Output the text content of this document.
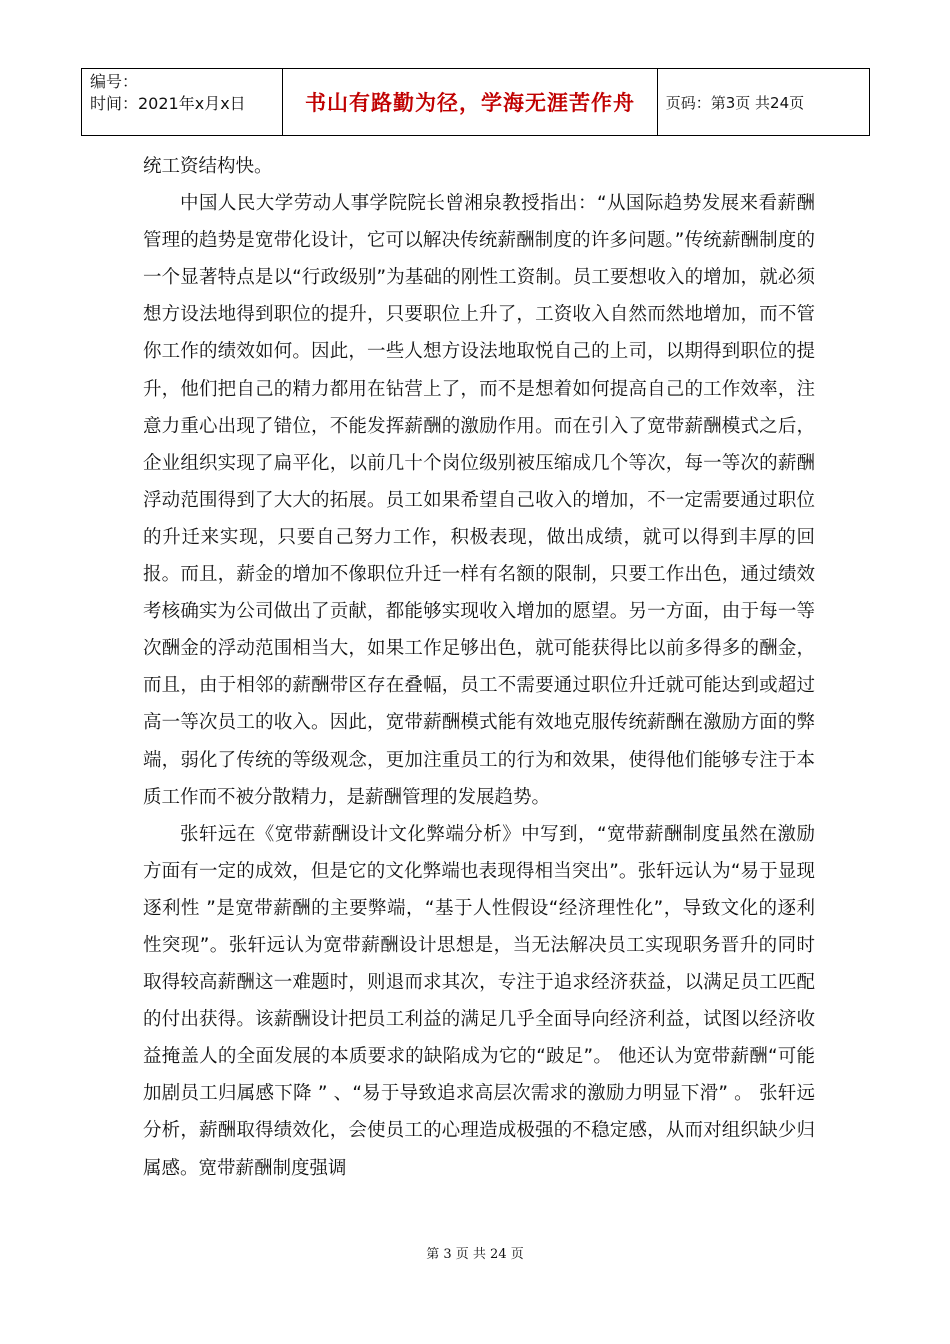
编号：
时间：2021年x月x日	书山有路勤为径，学海无涯苦作舟	页码：第3页 共24页

统工资结构快。

中国人民大学劳动人事学院院长曾湘泉教授指出：“从国际趋势发展来看薪酬管理的趋势是宽带化设计，它可以解决传统薪酬制度的许多问题。”传统薪酬制度的一个显著特点是以“行政级别”为基础的刚性工资制。员工要想收入的增加，就必须想方设法地得到职位的提升，只要职位上升了，工资收入自然而然地增加，而不管你工作的绩效如何。因此，一些人想方设法地取悦自己的上司，以期得到职位的提升，他们把自己的精力都用在钻营上了，而不是想着如何提高自己的工作效率，注意力重心出现了错位，不能发挥薪酬的激励作用。而在引入了宽带薪酬模式之后，企业组织实现了扁平化，以前几十个岗位级别被压缩成几个等次，每一等次的薪酬浮动范围得到了大大的拓展。员工如果希望自己收入的增加，不一定需要通过职位的升迁来实现，只要自己努力工作，积极表现，做出成绩，就可以得到丰厚的回报。而且，薪金的增加不像职位升迁一样有名额的限制，只要工作出色，通过绩效考核确实为公司做出了贡献，都能够实现收入增加的愿望。另一方面，由于每一等次酬金的浮动范围相当大，如果工作足够出色，就可能获得比以前多得多的酬金，而且，由于相邻的薪酬带区存在叠幅，员工不需要通过职位升迁就可能达到或超过高一等次员工的收入。因此，宽带薪酬模式能有效地克服传统薪酬在激励方面的弊端，弱化了传统的等级观念，更加注重员工的行为和效果，使得他们能够专注于本质工作而不被分散精力，是薪酬管理的发展趋势。

张轩远在《宽带薪酬设计文化弊端分析》中写到，“宽带薪酬制度虽然在激励方面有一定的成效，但是它的文化弊端也表现得相当突出”。张轩远认为“易于显现逐利性 ”是宽带薪酬的主要弊端，“基于人性假设“经济理性化”，导致文化的逐利性突现”。张轩远认为宽带薪酬设计思想是，当无法解决员工实现职务晋升的同时取得较高薪酬这一难题时，则退而求其次，专注于追求经济获益，以满足员工匹配的付出获得。该薪酬设计把员工利益的满足几乎全面导向经济利益，试图以经济收益掩盖人的全面发展的本质要求的缺陷成为它的“跛足”。 他还认为宽带薪酬“可能加剧员工归属感下降 ” 、“易于导致追求高层次需求的激励力明显下滑” 。 张轩远分析，薪酬取得绩效化，会使员工的心理造成极强的不稳定感，从而对组织缺少归属感。宽带薪酬制度强调

第 3 页 共 24 页
